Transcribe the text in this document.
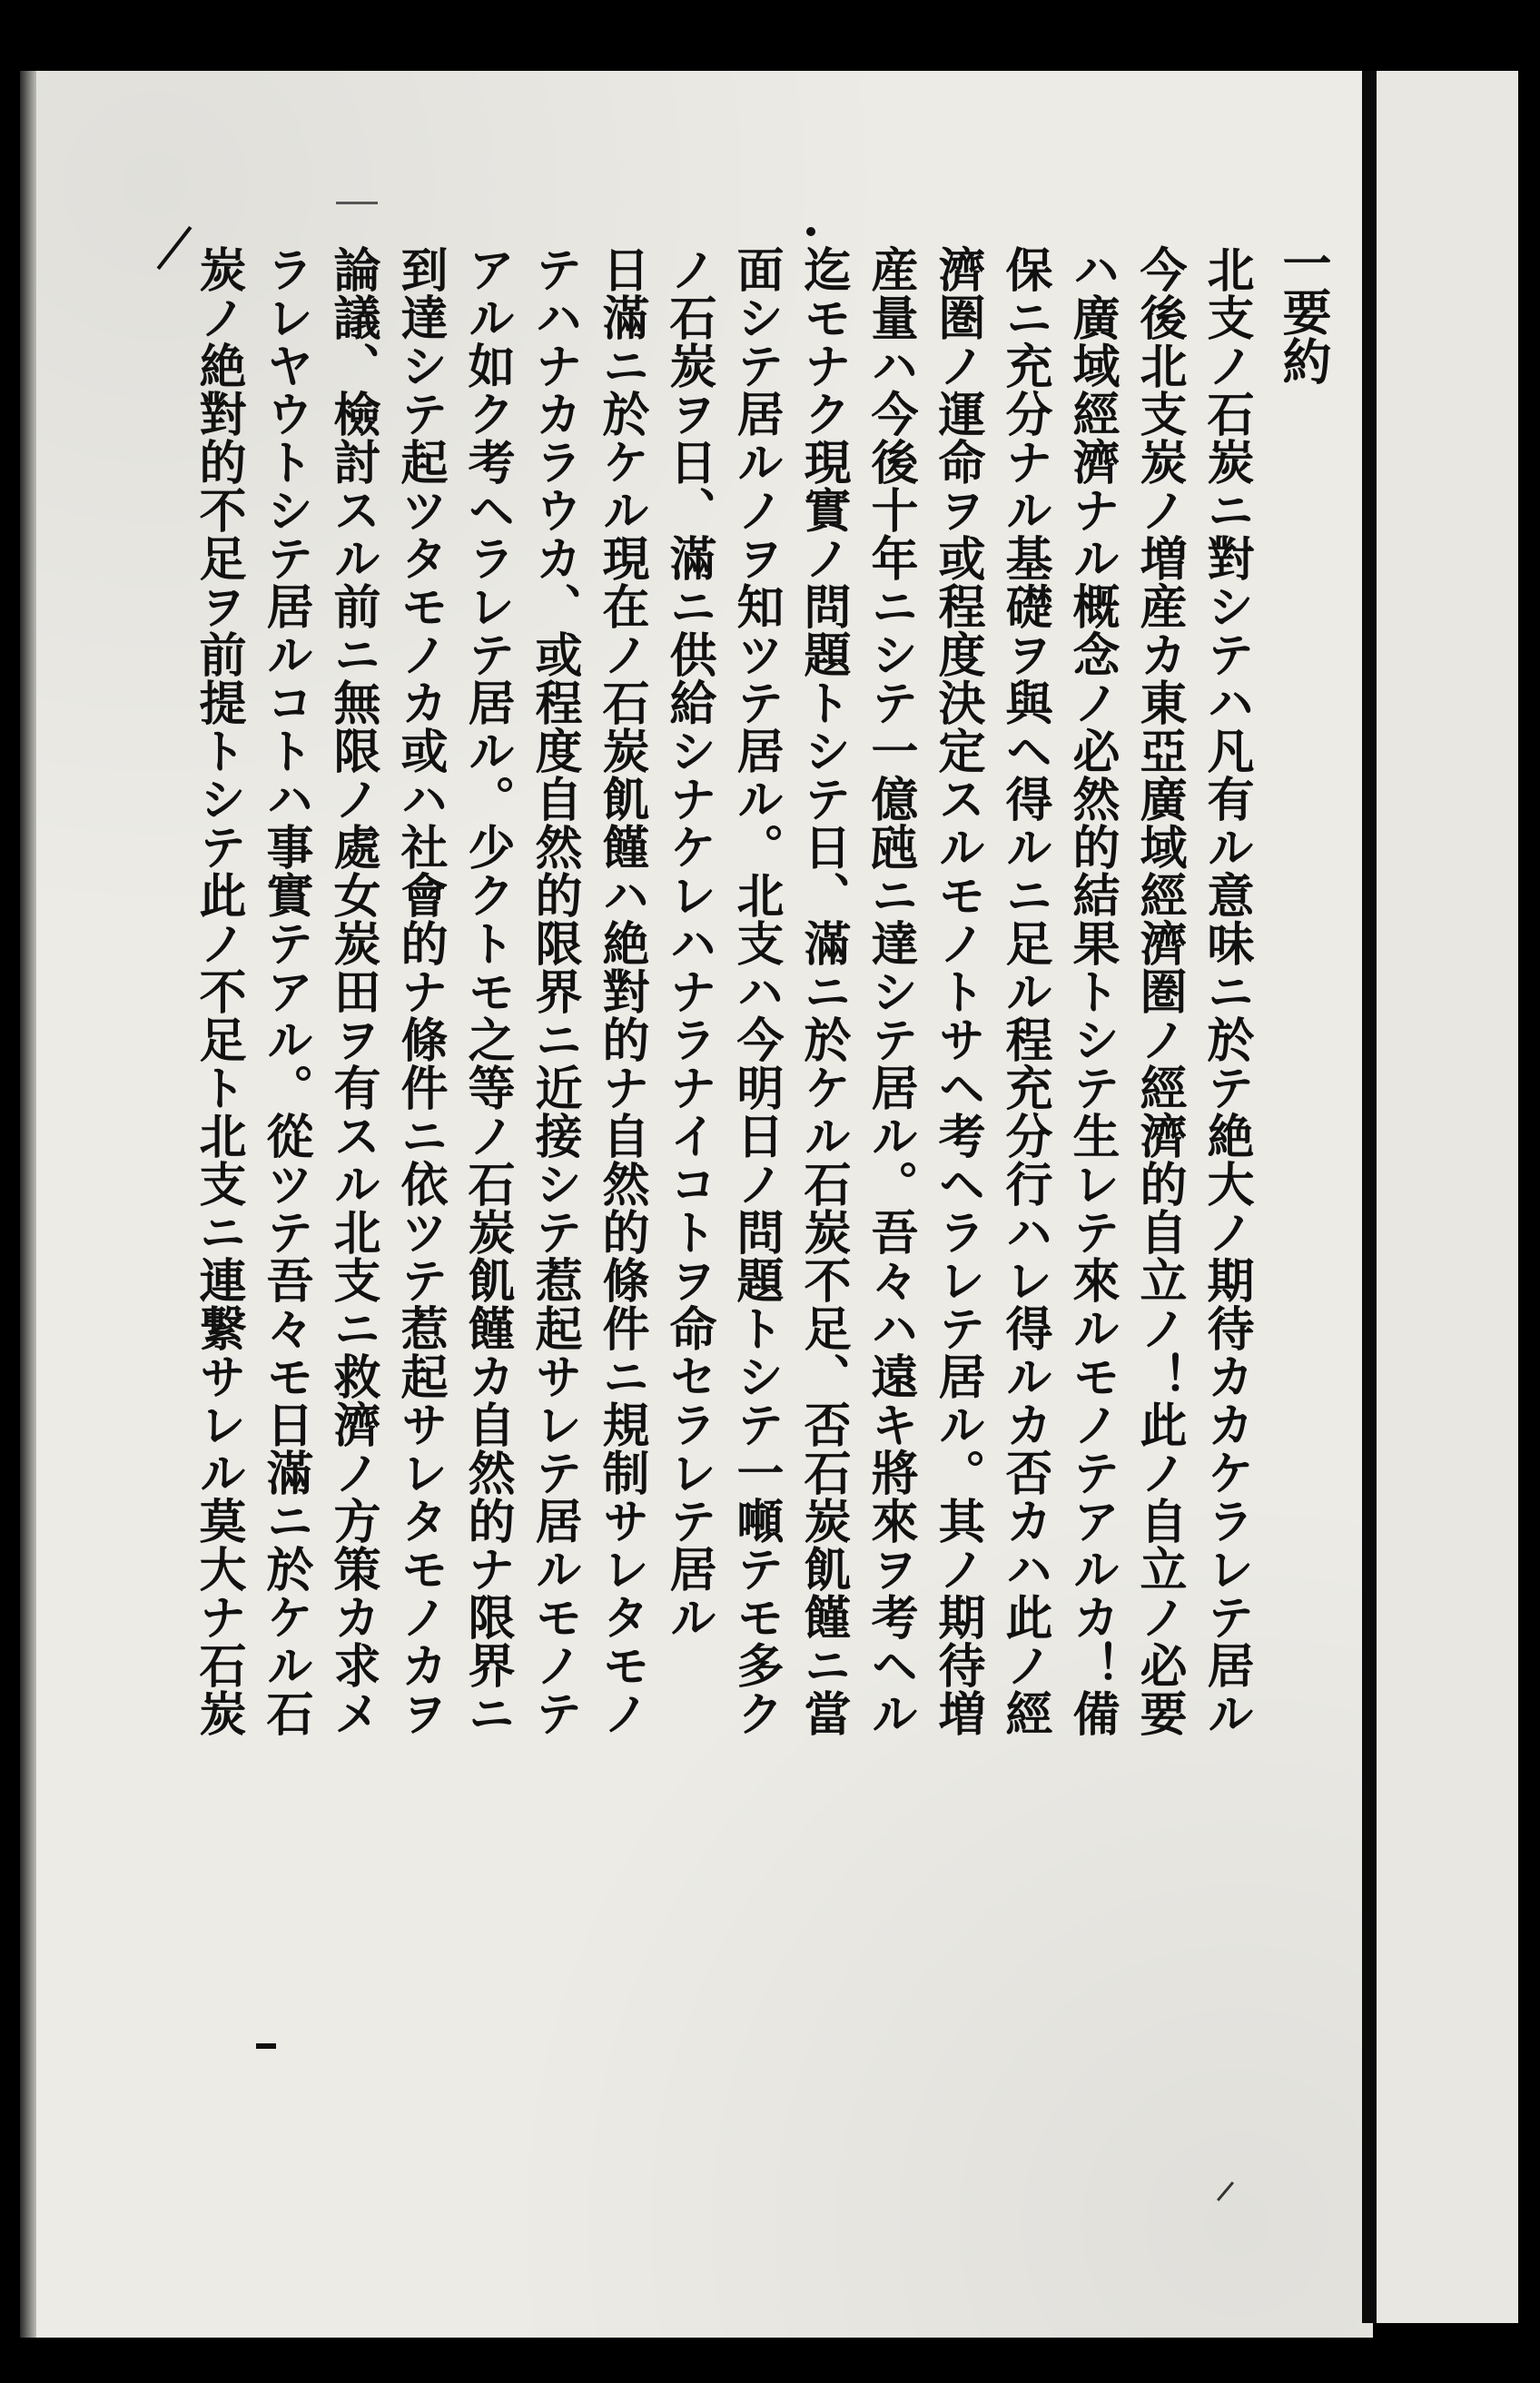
一要約
北支ノ石炭ニ對シテハ凡有ル意味ニ於テ絶大ノ期待カカケラレテ居ル
今後北支炭ノ増産カ東亞廣域經濟圏ノ經濟的自立ノ！此ノ自立ノ必要
ハ廣域經濟ナル概念ノ必然的結果トシテ生レテ來ルモノテアルカ！備
保ニ充分ナル基礎ヲ與ヘ得ルニ足ル程充分行ハレ得ルカ否カハ此ノ經
濟圏ノ運命ヲ或程度決定スルモノトサヘ考ヘラレテ居ル。其ノ期待増
産量ハ今後十年ニシテ一億瓲ニ達シテ居ル。吾々ハ遠キ將來ヲ考ヘル
迄モナク現實ノ問題トシテ日、滿ニ於ケル石炭不足、否石炭飢饉ニ當
面シテ居ルノヲ知ツテ居ル。北支ハ今明日ノ問題トシテ一噸テモ多ク
ノ石炭ヲ日、滿ニ供給シナケレハナラナイコトヲ命セラレテ居ル
日滿ニ於ケル現在ノ石炭飢饉ハ絶對的ナ自然的條件ニ規制サレタモノ
テハナカラウカ、或程度自然的限界ニ近接シテ惹起サレテ居ルモノテ
アル如ク考ヘラレテ居ル。少クトモ之等ノ石炭飢饉カ自然的ナ限界ニ
到達シテ起ツタモノカ或ハ社會的ナ條件ニ依ツテ惹起サレタモノカヲ
論議、檢討スル前ニ無限ノ處女炭田ヲ有スル北支ニ救濟ノ方策カ求メ
ラレヤウトシテ居ルコトハ事實テアル。從ツテ吾々モ日滿ニ於ケル石
炭ノ絶對的不足ヲ前提トシテ此ノ不足ト北支ニ連繋サレル莫大ナ石炭
